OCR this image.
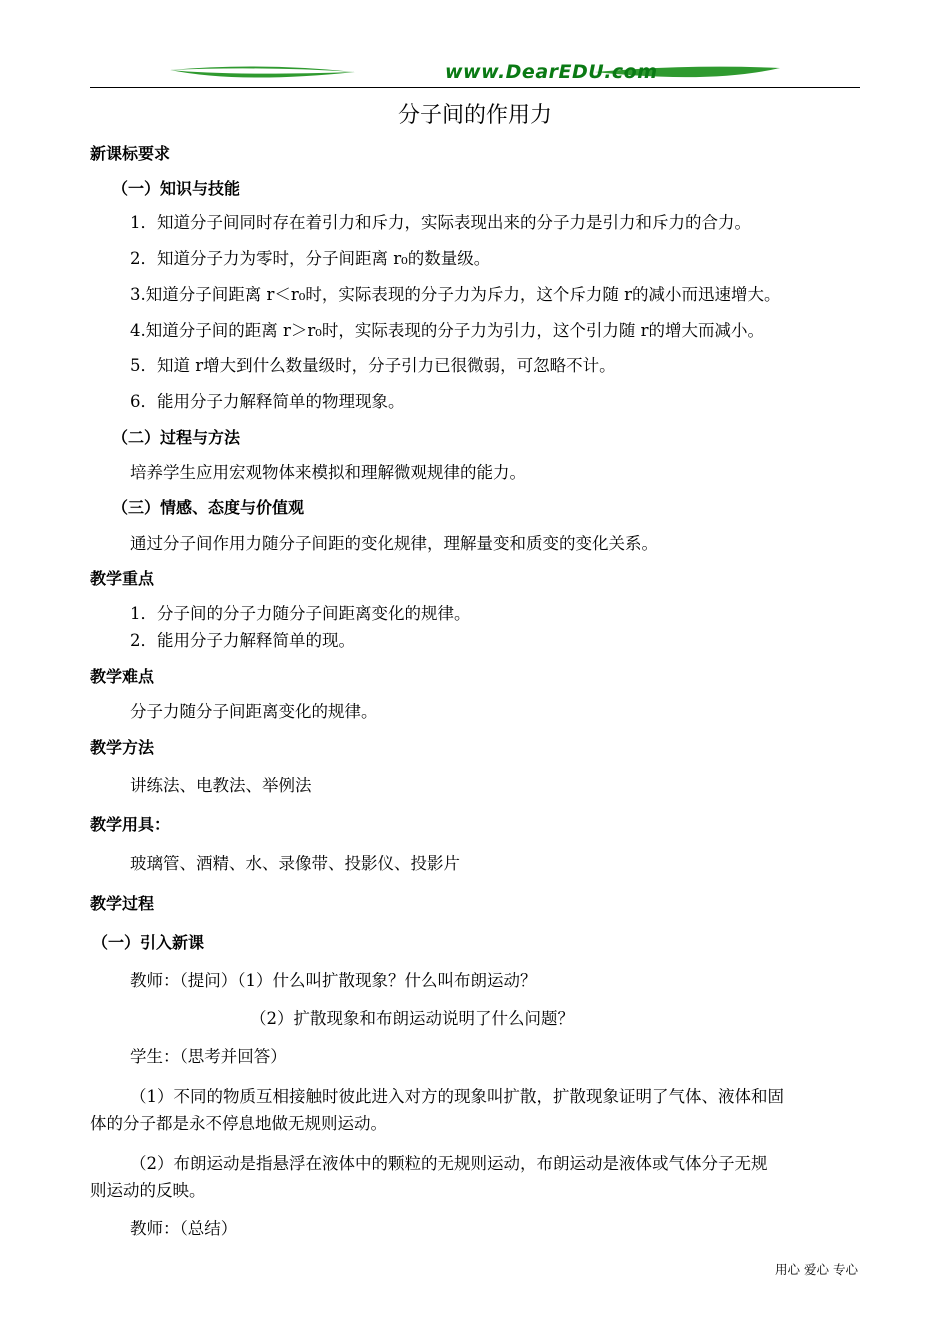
www.DearEDU.com
分子间的作用力
新课标要求
（一）知识与技能
1．知道分子间同时存在着引力和斥力，实际表现出来的分子力是引力和斥力的合力。
2．知道分子力为零时，分子间距离 r₀的数量级。
3.知道分子间距离 r＜r₀时，实际表现的分子力为斥力，这个斥力随 r的减小而迅速增大。
4.知道分子间的距离 r＞r₀时，实际表现的分子力为引力，这个引力随 r的增大而减小。
5．知道 r增大到什么数量级时，分子引力已很微弱，可忽略不计。
6．能用分子力解释简单的物理现象。
（二）过程与方法
培养学生应用宏观物体来模拟和理解微观规律的能力。
（三）情感、态度与价值观
通过分子间作用力随分子间距的变化规律，理解量变和质变的变化关系。
教学重点
1．分子间的分子力随分子间距离变化的规律。
2．能用分子力解释简单的现。
教学难点
分子力随分子间距离变化的规律。
教学方法
讲练法、电教法、举例法
教学用具：
玻璃管、酒精、水、录像带、投影仪、投影片
教学过程
（一）引入新课
教师：（提问）（1）什么叫扩散现象？什么叫布朗运动？
（2）扩散现象和布朗运动说明了什么问题？
学生：（思考并回答）
（1）不同的物质互相接触时彼此进入对方的现象叫扩散，扩散现象证明了气体、液体和固
体的分子都是永不停息地做无规则运动。
（2）布朗运动是指悬浮在液体中的颗粒的无规则运动，布朗运动是液体或气体分子无规
则运动的反映。
教师：（总结）
用心 爱心 专心
